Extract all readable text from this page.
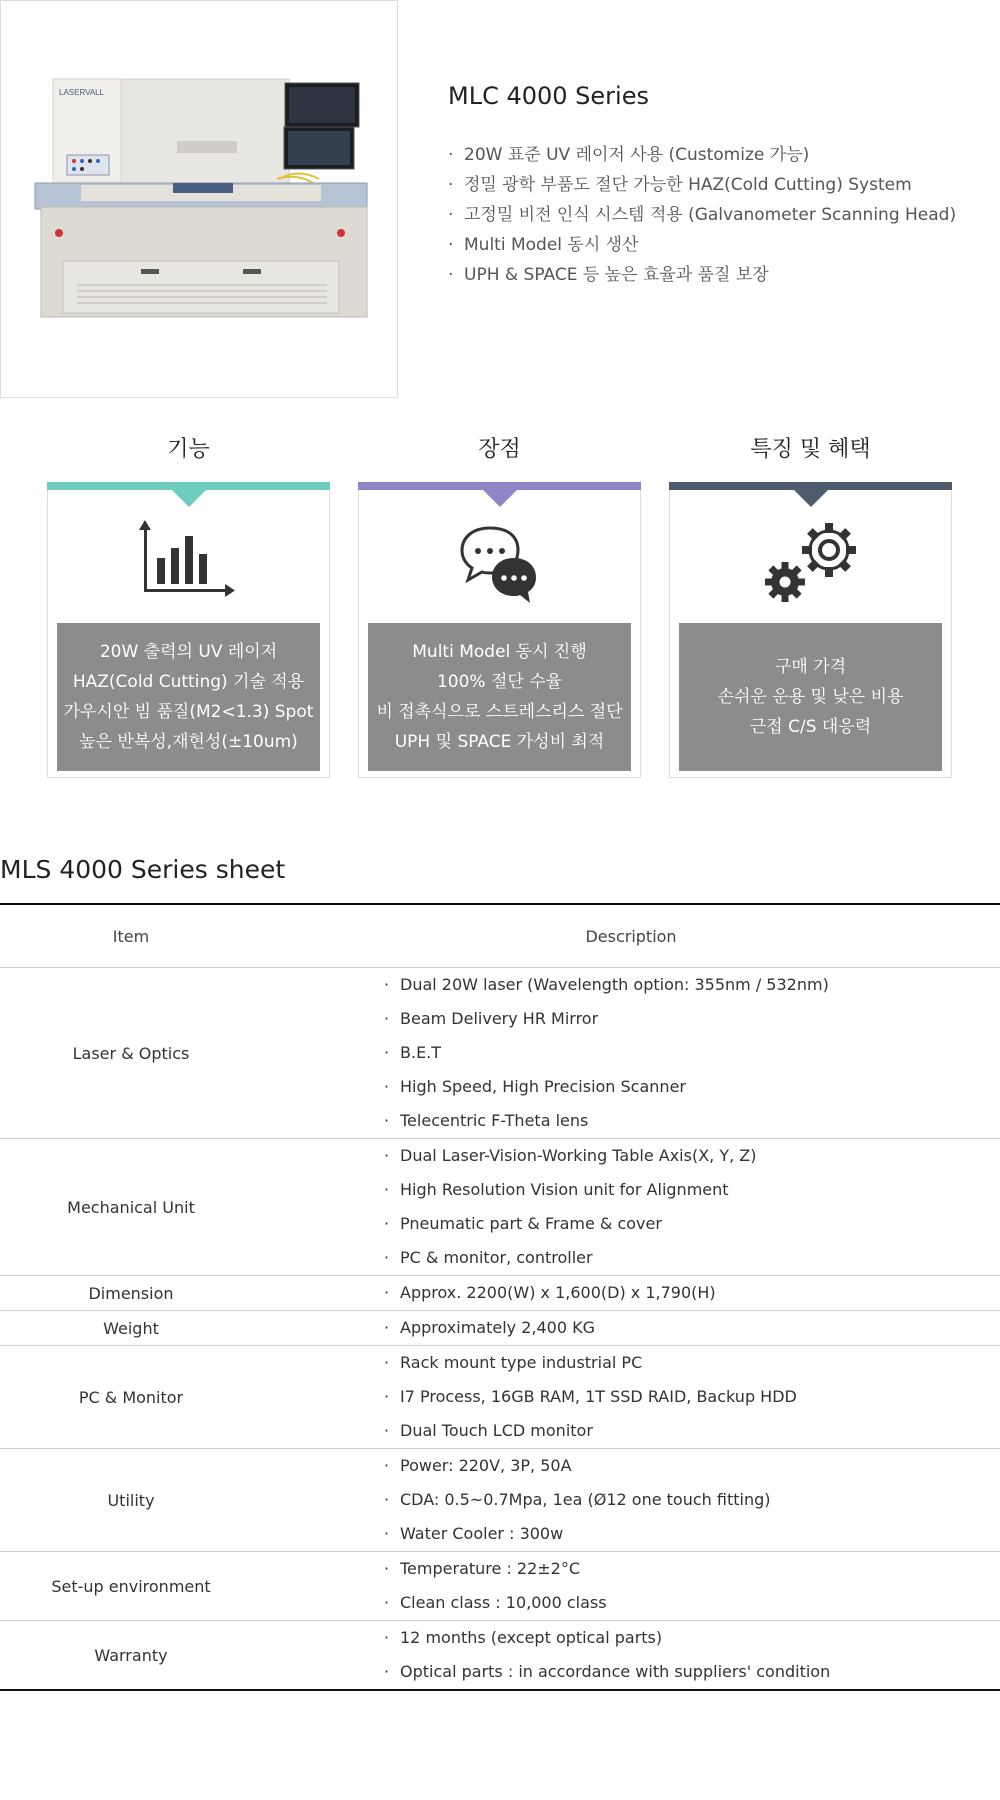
LASERVALL	MLC 4000 Series
· 20W 표준 UV 레이저 사용 (Customize 가능)
· 정밀 광학 부품도 절단 가능한 HAZ(Cold Cutting) System
· 고정밀 비전 인식 시스템 적용 (Galvanometer Scanning Head)
· Multi Model 동시 생산
· UPH & SPACE 등 높은 효율과 품질 보장
기능
20W 출력의 UV 레이저
HAZ(Cold Cutting) 기술 적용
가우시안 빔 품질(M2<1.3) Spot
높은 반복성,재현성(±10um)
장점
Multi Model 동시 진행
100% 절단 수율
비 접촉식으로 스트레스리스 절단
UPH 및 SPACE 가성비 최적
특징 및 혜택
구매 가격
손쉬운 운용 및 낮은 비용
근접 C/S 대응력
MLS 4000 Series sheet
Item	Description
Laser & Optics	· Dual 20W laser (Wavelength option: 355nm / 532nm)
· Beam Delivery HR Mirror
· B.E.T
· High Speed, High Precision Scanner
· Telecentric F-Theta lens

Mechanical Unit	· Dual Laser-Vision-Working Table Axis(X, Y, Z)
· High Resolution Vision unit for Alignment
· Pneumatic part & Frame & cover
· PC & monitor, controller

Dimension	· Approx. 2200(W) x 1,600(D) x 1,790(H)

Weight	· Approximately 2,400 KG

PC & Monitor	· Rack mount type industrial PC
· I7 Process, 16GB RAM, 1T SSD RAID, Backup HDD
· Dual Touch LCD monitor

Utility	· Power: 220V, 3P, 50A
· CDA: 0.5~0.7Mpa, 1ea (Ø12 one touch fitting)
· Water Cooler : 300w

Set-up environment	· Temperature : 22±2°C
· Clean class : 10,000 class

Warranty	· 12 months (except optical parts)
· Optical parts : in accordance with suppliers' condition
